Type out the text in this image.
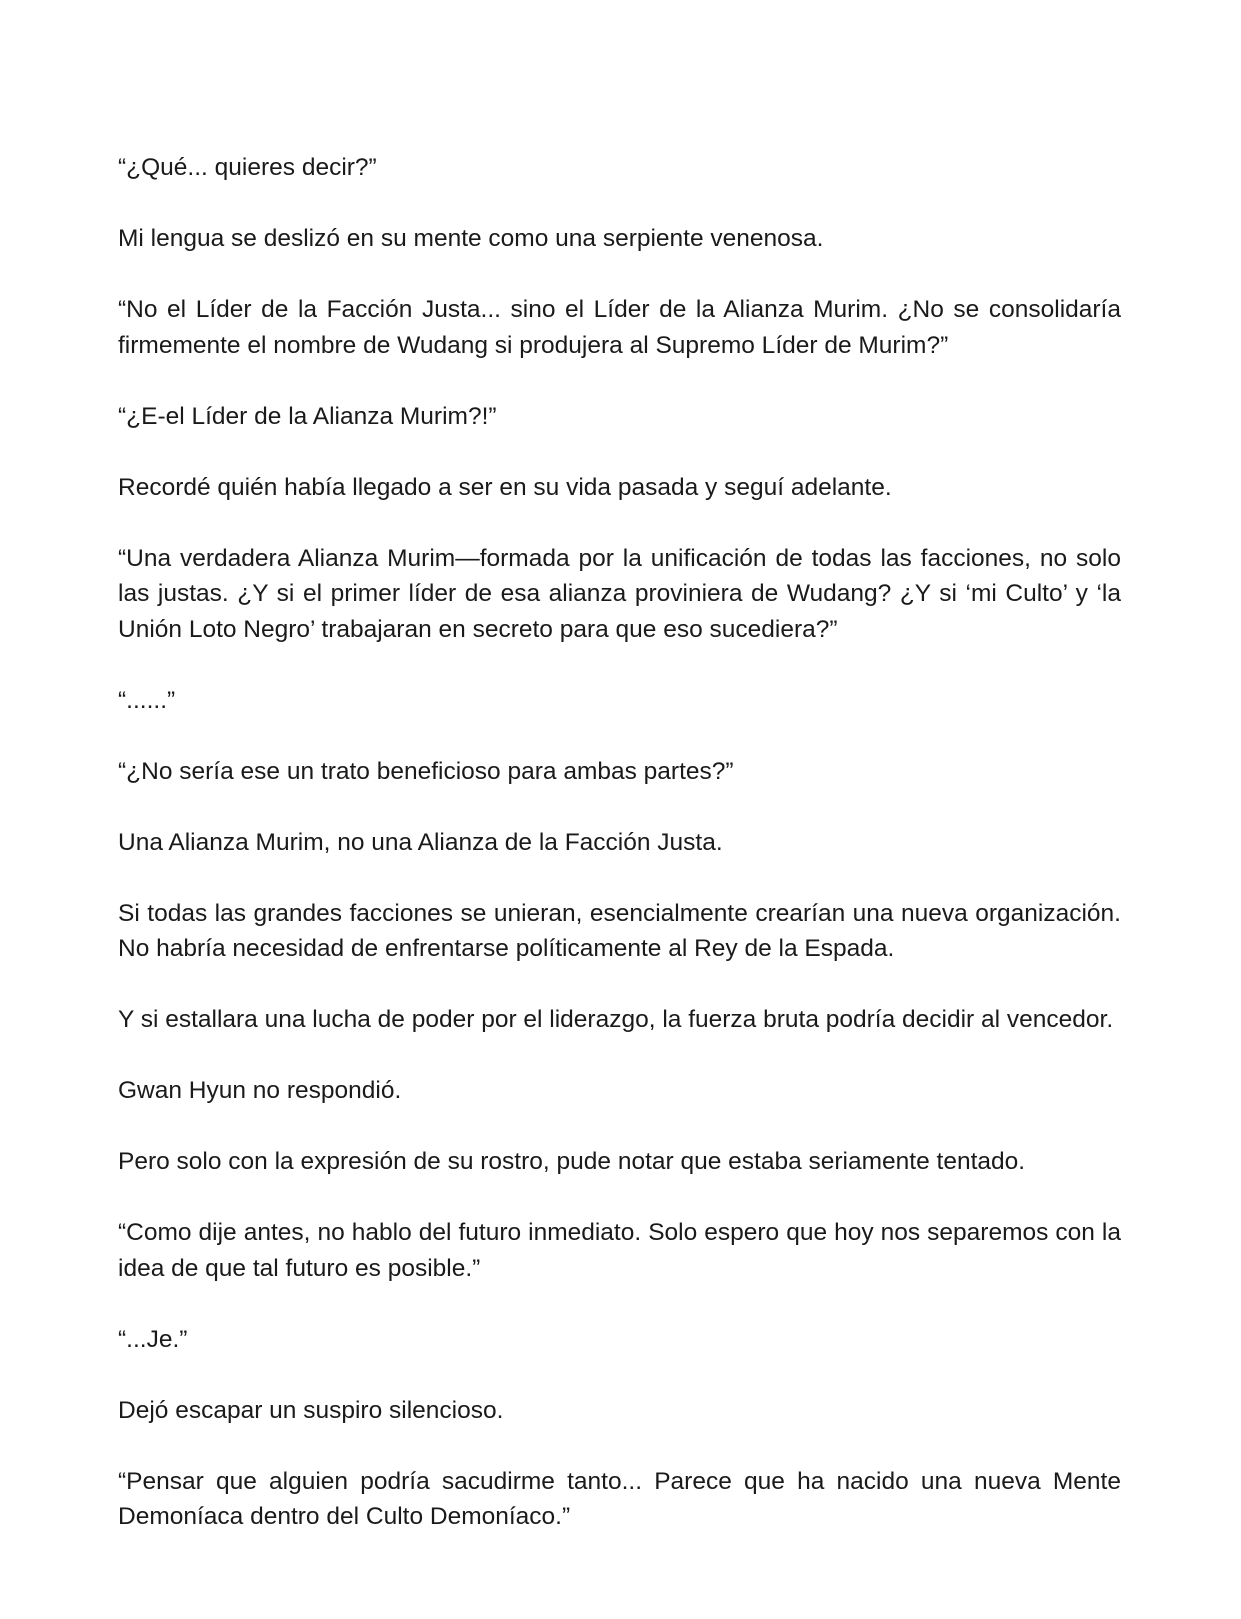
“¿Qué... quieres decir?”

Mi lengua se deslizó en su mente como una serpiente venenosa.

“No el Líder de la Facción Justa... sino el Líder de la Alianza Murim. ¿No se consolidaría firmemente el nombre de Wudang si produjera al Supremo Líder de Murim?”

“¿E-el Líder de la Alianza Murim?!”

Recordé quién había llegado a ser en su vida pasada y seguí adelante.

“Una verdadera Alianza Murim—formada por la unificación de todas las facciones, no solo las justas. ¿Y si el primer líder de esa alianza proviniera de Wudang? ¿Y si ‘mi Culto’ y ‘la Unión Loto Negro’ trabajaran en secreto para que eso sucediera?”

“......”

“¿No sería ese un trato beneficioso para ambas partes?”

Una Alianza Murim, no una Alianza de la Facción Justa.

Si todas las grandes facciones se unieran, esencialmente crearían una nueva organización. No habría necesidad de enfrentarse políticamente al Rey de la Espada.

Y si estallara una lucha de poder por el liderazgo, la fuerza bruta podría decidir al vencedor.

Gwan Hyun no respondió.

Pero solo con la expresión de su rostro, pude notar que estaba seriamente tentado.

“Como dije antes, no hablo del futuro inmediato. Solo espero que hoy nos separemos con la idea de que tal futuro es posible.”

“...Je.”

Dejó escapar un suspiro silencioso.

“Pensar que alguien podría sacudirme tanto... Parece que ha nacido una nueva Mente Demoníaca dentro del Culto Demoníaco.”
